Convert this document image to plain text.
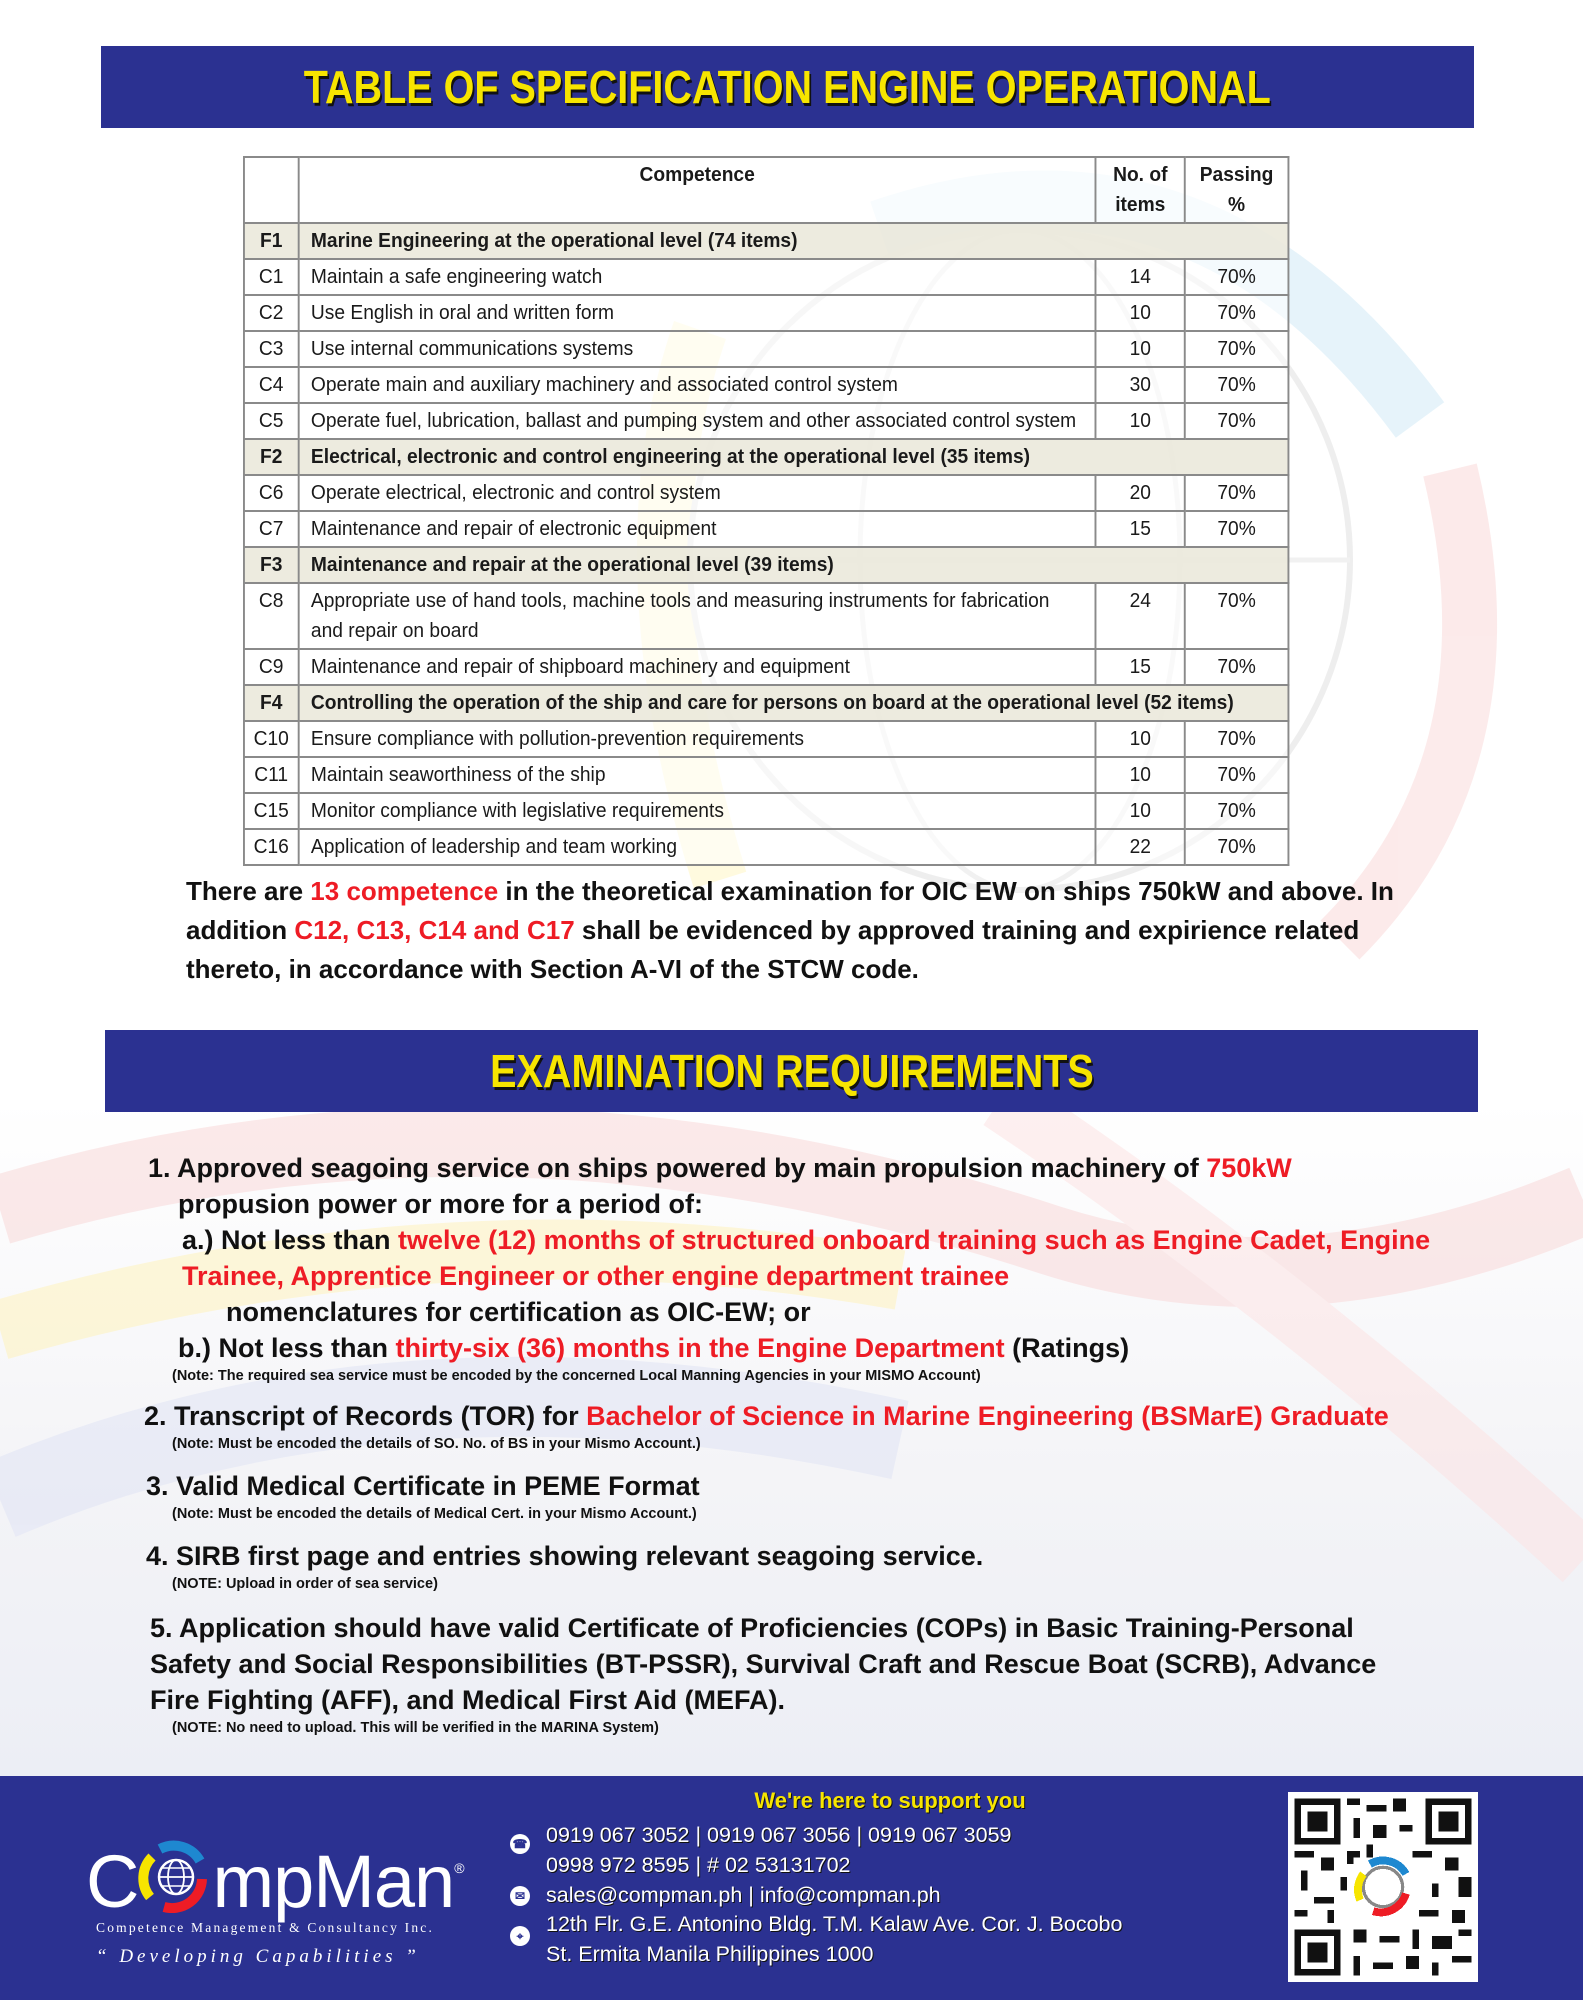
TABLE OF SPECIFICATION ENGINE OPERATIONAL
	Competence	No. of items	Passing %
F1	Marine Engineering at the operational level (74 items)		
C1	Maintain a safe engineering watch	14	70%
C2	Use English in oral and written form	10	70%
C3	Use internal communications systems	10	70%
C4	Operate main and auxiliary machinery and associated control system	30	70%
C5	Operate fuel, lubrication, ballast and pumping system and other associated control system	10	70%
F2	Electrical, electronic and control engineering at the operational level (35 items)		
C6	Operate electrical, electronic and control system	20	70%
C7	Maintenance and repair of electronic equipment	15	70%
F3	Maintenance and repair at the operational level (39 items)		
C8	Appropriate use of hand tools, machine tools and measuring instruments for fabrication and repair on board	24	70%
C9	Maintenance and repair of shipboard machinery and equipment	15	70%
F4	Controlling the operation of the ship and care for persons on board at the operational level (52 items)		
C10	Ensure compliance with pollution-prevention requirements	10	70%
C11	Maintain seaworthiness of the ship	10	70%
C15	Monitor compliance with legislative requirements	10	70%
C16	Application of leadership and team working	22	70%
There are 13 competence in the theoretical examination for OIC EW on ships 750kW and above. In addition C12, C13, C14 and C17 shall be evidenced by approved training and expirience related thereto, in accordance with Section A-VI of the STCW code.
EXAMINATION REQUIREMENTS
1. Approved seagoing service on ships powered by main propulsion machinery of 750kW
propusion power or more for a period of:
a.) Not less than twelve (12) months of structured onboard training such as Engine Cadet, Engine Trainee, Apprentice Engineer or other engine department trainee
nomenclatures for certification as OIC-EW; or
b.) Not less than thirty-six (36) months in the Engine Department (Ratings)
(Note: The required sea service must be encoded by the concerned Local Manning Agencies in your MISMO Account)
2. Transcript of Records (TOR) for Bachelor of Science in Marine Engineering (BSMarE) Graduate
(Note: Must be encoded the details of SO. No. of BS in your Mismo Account.)
3. Valid Medical Certificate in PEME Format
(Note: Must be encoded the details of Medical Cert. in your Mismo Account.)
4. SIRB first page and entries showing relevant seagoing service.
(NOTE: Upload in order of sea service)
5. Application should have valid Certificate of Proficiencies (COPs) in Basic Training-Personal Safety and Social Responsibilities (BT-PSSR), Survival Craft and Rescue Boat (SCRB), Advance Fire Fighting (AFF), and Medical First Aid (MEFA).
(NOTE: No need to upload. This will be verified in the MARINA System)
C mpMan®
Competence Management & Consultancy Inc.
“ Developing Capabilities ”
We're here to support you
☎ 0919 067 3052 | 0919 067 3056 | 0919 067 3059
0998 972 8595 | # 02 53131702
✉ sales@compman.ph | info@compman.ph
⌖	12th Flr. G.E. Antonino Bldg. T.M. Kalaw Ave. Cor. J. Bocobo
St. Ermita Manila Philippines 1000
